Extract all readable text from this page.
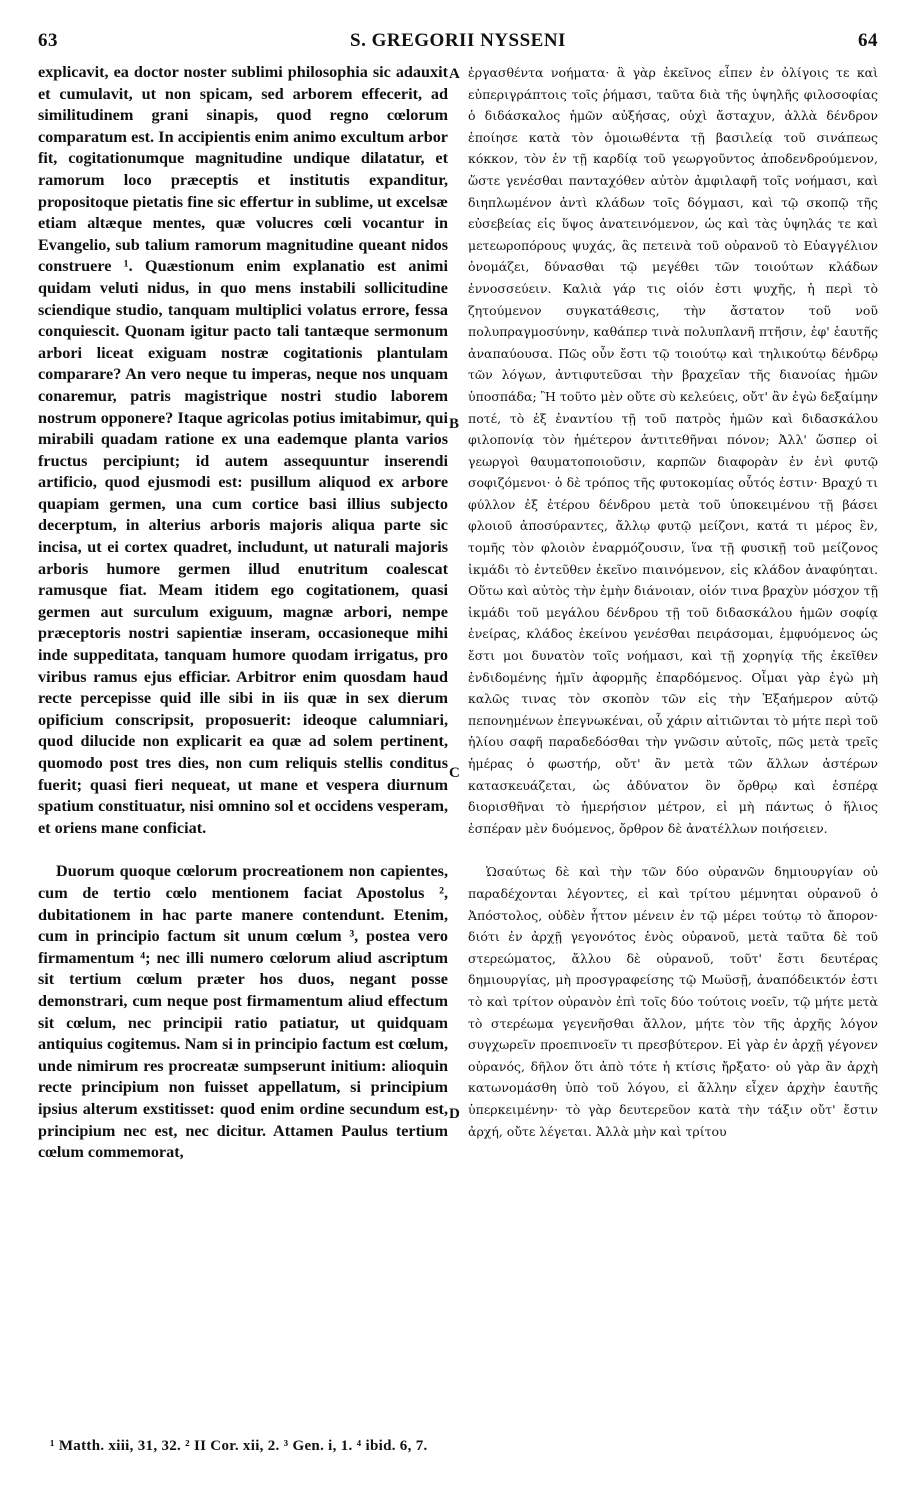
63	S. GREGORII NYSSENI	64

explicavit, ea doctor noster sublimi philosophia sic adauxit et cumulavit, ut non spicam, sed arborem effecerit, ad similitudinem grani sinapis, quod regno cœlorum comparatum est. In accipientis enim animo excultum arbor fit, cogitationumque magnitudine undique dilatatur, et ramorum loco præceptis et institutis expanditur, propositoque pietatis fine sic effertur in sublime, ut excelsæ etiam altæque mentes, quæ volucres cœli vocantur in Evangelio, sub talium ramorum magnitudine queant nidos construere ¹. Quæstionum enim explanatio est animi quidam veluti nidus, in quo mens instabili sollicitudine sciendique studio, tanquam multiplici volatus errore, fessa conquiescit. Quonam igitur pacto tali tantæque sermonum arbori liceat exiguam nostræ cogitationis plantulam comparare? An vero neque tu imperas, neque nos unquam conaremur, patris magistrique nostri studio laborem nostrum opponere? Itaque agricolas potius imitabimur, qui mirabili quadam ratione ex una eademque planta varios fructus percipiunt; id autem assequuntur inserendi artificio, quod ejusmodi est: pusillum aliquod ex arbore quapiam germen, una cum cortice basi illius subjecto decerptum, in alterius arboris majoris aliqua parte sic incisa, ut ei cortex quadret, includunt, ut naturali majoris arboris humore germen illud enutritum coalescat ramusque fiat. Meam itidem ego cogitationem, quasi germen aut surculum exiguum, magnæ arbori, nempe præceptoris nostri sapientiæ inseram, occasioneque mihi inde suppeditata, tanquam humore quodam irrigatus, pro viribus ramus ejus efficiar. Arbitror enim quosdam haud recte percepisse quid ille sibi in iis quæ in sex dierum opificium conscripsit, proposuerit: ideoque calumniari, quod dilucide non explicarit ea quæ ad solem pertinent, quomodo post tres dies, non cum reliquis stellis conditus fuerit; quasi fieri nequeat, ut mane et vespera diurnum spatium constituatur, nisi omnino sol et occidens vesperam, et oriens mane conficiat.

Duorum quoque cœlorum procreationem non capientes, cum de tertio cœlo mentionem faciat Apostolus ², dubitationem in hac parte manere contendunt. Etenim, cum in principio factum sit unum cœlum ³, postea vero firmamentum ⁴; nec illi numero cœlorum aliud ascriptum sit tertium cœlum præter hos duos, negant posse demonstrari, cum neque post firmamentum aliud effectum sit cœlum, nec principii ratio patiatur, ut quidquam antiquius cogitemus. Nam si in principio factum est cœlum, unde nimirum res procreatæ sumpserunt initium: alioquin recte principium non fuisset appellatum, si principium ipsius alterum exstitisset: quod enim ordine secundum est, principium nec est, nec dicitur. Attamen Paulus tertium cœlum commemorat,

A
B
C
D

ἐργασθέντα νοήματα· ἃ γὰρ ἐκεῖνος εἶπεν ἐν ὀλίγοις τε καὶ εὐπεριγράπτοις τοῖς ῥήμασι, ταῦτα διὰ τῆς ὑψηλῆς φιλοσοφίας ὁ διδάσκαλος ἡμῶν αὐξήσας, οὐχὶ ἄσταχυν, ἀλλὰ δένδρον ἐποίησε κατὰ τὸν ὁμοιωθέντα τῇ βασιλείᾳ τοῦ σινάπεως κόκκον, τὸν ἐν τῇ καρδίᾳ τοῦ γεωργοῦντος ἀποδενδρούμενον, ὥστε γενέσθαι πανταχόθεν αὐτὸν ἀμφιλαφῆ τοῖς νοήμασι, καὶ διηπλωμένον ἀντὶ κλάδων τοῖς δόγμασι, καὶ τῷ σκοπῷ τῆς εὐσεβείας εἰς ὕψος ἀνατεινόμενον, ὡς καὶ τὰς ὑψηλάς τε καὶ μετεωροπόρους ψυχάς, ἃς πετεινὰ τοῦ οὐρανοῦ τὸ Εὐαγγέλιον ὀνομάζει, δύνασθαι τῷ μεγέθει τῶν τοιούτων κλάδων ἐννοσσεύειν. Καλιὰ γάρ τις οἱόν ἐστι ψυχῆς, ἡ περὶ τὸ ζητούμενον συγκατάθεσις, τὴν ἄστατον τοῦ νοῦ πολυπραγμοσύνην, καθάπερ τινὰ πολυπλανῆ πτῆσιν, ἐφ' ἑαυτῆς ἀναπαύουσα. Πῶς οὖν ἔστι τῷ τοιούτῳ καὶ τηλικούτῳ δένδρῳ τῶν λόγων, ἀντιφυτεῦσαι τὴν βραχεῖαν τῆς διανοίας ἡμῶν ὑποσπάδα; Ἢ τοῦτο μὲν οὔτε σὺ κελεύεις, οὔτ' ἂν ἐγὼ δεξαίμην ποτέ, τὸ ἐξ ἐναντίου τῇ τοῦ πατρὸς ἡμῶν καὶ διδασκάλου φιλοπονίᾳ τὸν ἡμέτερον ἀντιτεθῆναι πόνον; Ἀλλ' ὥσπερ οἱ γεωργοὶ θαυματοποιοῦσιν, καρπῶν διαφορὰν ἐν ἑνὶ φυτῷ σοφιζόμενοι· ὁ δὲ τρόπος τῆς φυτοκομίας οὗτός ἐστιν· Βραχύ τι φύλλον ἐξ ἑτέρου δένδρου μετὰ τοῦ ὑποκειμένου τῇ βάσει φλοιοῦ ἀποσύραντες, ἄλλῳ φυτῷ μείζονι, κατά τι μέρος ἓν, τομῆς τὸν φλοιὸν ἐναρμόζουσιν, ἵνα τῇ φυσικῇ τοῦ μείζονος ἰκμάδι τὸ ἐντεῦθεν ἐκεῖνο πιαινόμενον, εἰς κλάδον ἀναφύηται. Οὕτω καὶ αὐτὸς τὴν ἐμὴν διάνοιαν, οἱόν τινα βραχὺν μόσχον τῇ ἰκμάδι τοῦ μεγάλου δένδρου τῇ τοῦ διδασκάλου ἡμῶν σοφίᾳ ἐνείρας, κλάδος ἐκείνου γενέσθαι πειράσομαι, ἐμφυόμενος ὡς ἔστι μοι δυνατὸν τοῖς νοήμασι, καὶ τῇ χορηγίᾳ τῆς ἐκεῖθεν ἐνδιδομένης ἡμῖν ἀφορμῆς ἐπαρδόμενος. Οἶμαι γὰρ ἐγὼ μὴ καλῶς τινας τὸν σκοπὸν τῶν εἰς τὴν Ἑξαήμερον αὐτῷ πεπονημένων ἐπεγνωκέναι, οὗ χάριν αἰτιῶνται τὸ μήτε περὶ τοῦ ἡλίου σαφῆ παραδεδόσθαι τὴν γνῶσιν αὐτοῖς, πῶς μετὰ τρεῖς ἡμέρας ὁ φωστήρ, οὔτ' ἂν μετὰ τῶν ἄλλων ἀστέρων κατασκευάζεται, ὡς ἀδύνατον ὂν ὄρθρῳ καὶ ἑσπέρᾳ διορισθῆναι τὸ ἡμερήσιον μέτρον, εἰ μὴ πάντως ὁ ἥλιος ἑσπέραν μὲν δυόμενος, ὄρθρον δὲ ἀνατέλλων ποιήσειεν.

Ὡσαύτως δὲ καὶ τὴν τῶν δύο οὐρανῶν δημιουργίαν οὐ παραδέχονται λέγοντες, εἰ καὶ τρίτου μέμνηται οὐρανοῦ ὁ Ἀπόστολος, οὐδὲν ἧττον μένειν ἐν τῷ μέρει τούτῳ τὸ ἄπορον· διότι ἐν ἀρχῇ γεγονότος ἑνὸς οὐρανοῦ, μετὰ ταῦτα δὲ τοῦ στερεώματος, ἄλλου δὲ οὐρανοῦ, τοῦτ' ἔστι δευτέρας δημιουργίας, μὴ προσγραφείσης τῷ Μωϋσῇ, ἀναπόδεικτόν ἐστι τὸ καὶ τρίτον οὐρανὸν ἐπὶ τοῖς δύο τούτοις νοεῖν, τῷ μήτε μετὰ τὸ στερέωμα γεγενῆσθαι ἄλλον, μήτε τὸν τῆς ἀρχῆς λόγον συγχωρεῖν προεπινοεῖν τι πρεσβύτερον. Εἰ γὰρ ἐν ἀρχῇ γέγονεν οὐρανός, δῆλον ὅτι ἀπὸ τότε ἡ κτίσις ἤρξατο· οὐ γὰρ ἂν ἀρχὴ κατωνομάσθη ὑπὸ τοῦ λόγου, εἰ ἄλλην εἶχεν ἀρχὴν ἑαυτῆς ὑπερκειμένην· τὸ γὰρ δευτερεῦον κατὰ τὴν τάξιν οὔτ' ἔστιν ἀρχή, οὔτε λέγεται. Ἀλλὰ μὴν καὶ τρίτου

¹ Matth. xiii, 31, 32. ² II Cor. xii, 2. ³ Gen. i, 1. ⁴ ibid. 6, 7.
